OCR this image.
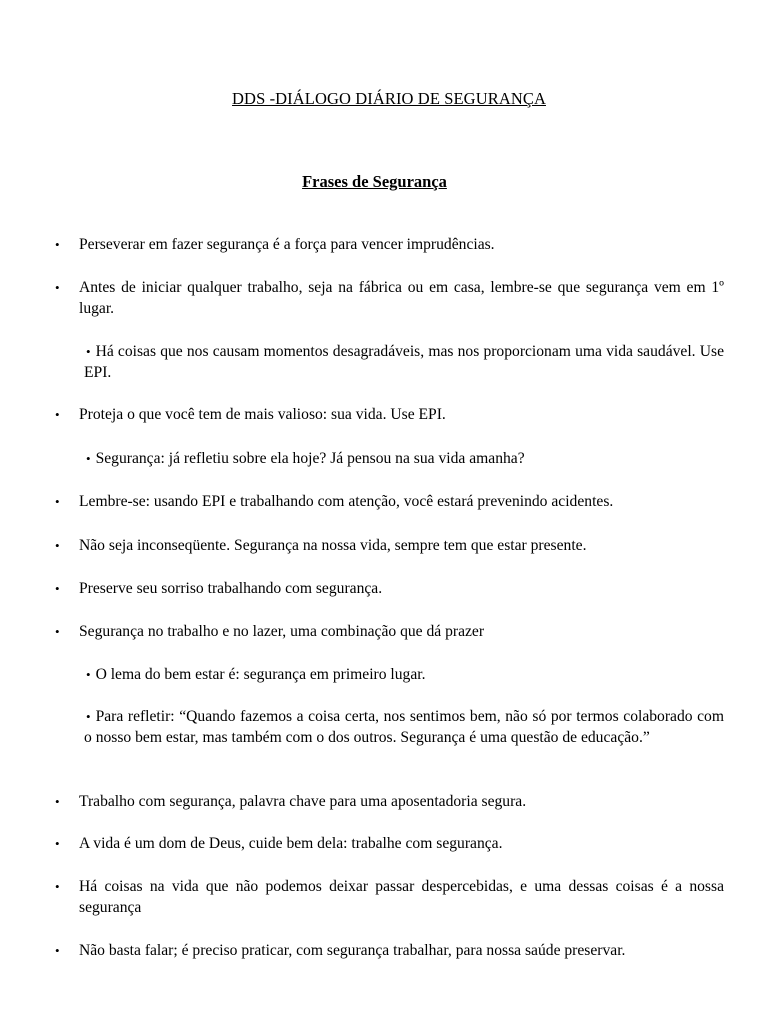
DDS -DIÁLOGO DIÁRIO DE SEGURANÇA
Frases de Segurança
• Perseverar em fazer segurança é a força para vencer imprudências.
• Antes de iniciar qualquer trabalho, seja na fábrica ou em casa, lembre-se que segurança vem em 1º lugar.
• Há coisas que nos causam momentos desagradáveis, mas nos proporcionam uma vida saudável. Use EPI.
• Proteja o que você tem de mais valioso: sua vida. Use EPI.
• Segurança: já refletiu sobre ela hoje? Já pensou na sua vida amanha?
• Lembre-se: usando EPI e trabalhando com atenção, você estará prevenindo acidentes.
• Não seja inconseqüente. Segurança na nossa vida, sempre tem que estar presente.
• Preserve seu sorriso trabalhando com segurança.
• Segurança no trabalho e no lazer, uma combinação que dá prazer
• O lema do bem estar é: segurança em primeiro lugar.
• Para refletir: “Quando fazemos a coisa certa, nos sentimos bem, não só por termos colaborado com o nosso bem estar, mas também com o dos outros. Segurança é uma questão de educação.”
• Trabalho com segurança, palavra chave para uma aposentadoria segura.
• A vida é um dom de Deus, cuide bem dela: trabalhe com segurança.
• Há coisas na vida que não podemos deixar passar despercebidas, e uma dessas coisas é a nossa segurança
• Não basta falar; é preciso praticar, com segurança trabalhar, para nossa saúde preservar.
